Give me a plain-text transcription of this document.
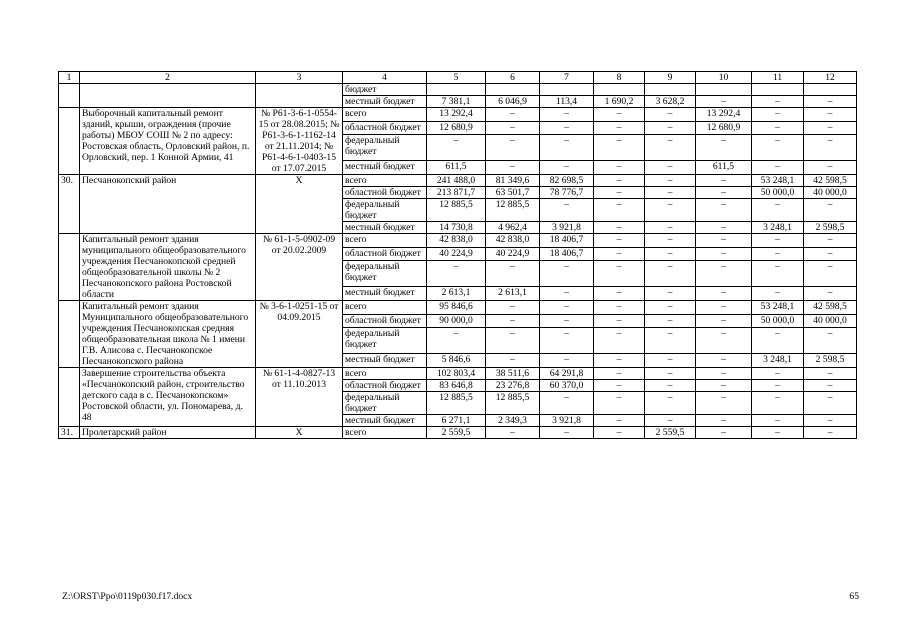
1	2	3	4	5	6	7	8	9	10	11	12
			бюджет								
			местный бюджет	7 381,1	6 046,9	113,4	1 690,2	3 628,2	–	–	–
	Выборочный капитальный ремонт зданий, крыши, ограждения (прочие работы) МБОУ СОШ № 2 по адресу: Ростовская область, Орловский район, п. Орловский, пер. 1 Конной Армии, 41	№ Р61-3-6-1-0554-15 от 28.08.2015; № Р61-3-6-1-1162-14 от 21.11.2014; № Р61-4-6-1-0403-15 от 17.07.2015	всего	13 292,4	–	–	–	–	13 292,4	–	–
			областной бюджет	12 680,9	–	–	–	–	12 680,9	–	–
			федеральный бюджет	–	–	–	–	–	–	–	–
			местный бюджет	611,5	–	–	–	–	611,5	–	–
30.	Песчанокопский район	Х	всего	241 488,0	81 349,6	82 698,5	–	–	–	53 248,1	42 598,5
			областной бюджет	213 871,7	63 501,7	78 776,7	–	–	–	50 000,0	40 000,0
			федеральный бюджет	12 885,5	12 885,5	–	–	–	–	–	–
			местный бюджет	14 730,8	4 962,4	3 921,8	–	–	–	3 248,1	2 598,5
	Капитальный ремонт здания муниципального общеобразовательного учреждения Песчанокопской средней общеобразовательной школы № 2 Песчанокопского района Ростовской области	№ 61-1-5-0902-09 от 20.02.2009	всего	42 838,0	42 838,0	18 406,7	–	–	–	–	–
			областной бюджет	40 224,9	40 224,9	18 406,7	–	–	–	–	–
			федеральный бюджет	–	–	–	–	–	–	–	–
			местный бюджет	2 613,1	2 613,1	–	–	–	–	–	–
	Капитальный ремонт здания Муниципального общеобразовательного учреждения Песчанокопская средняя общеобразовательная школа № 1 имени Г.В. Алисова с. Песчанокопское Песчанокопского района	№ 3-6-1-0251-15 от 04.09.2015	всего	95 846,6	–	–	–	–	–	53 248,1	42 598,5
			областной бюджет	90 000,0	–	–	–	–	–	50 000,0	40 000,0
			федеральный бюджет	–	–	–	–	–	–	–	–
			местный бюджет	5 846,6	–	–	–	–	–	3 248,1	2 598,5
	Завершение строительства объекта «Песчанокопский район, строительство детского сада в с. Песчанокопском» Ростовской области, ул. Пономарева, д. 48	№ 61-1-4-0827-13 от 11.10.2013	всего	102 803,4	38 511,6	64 291,8	–	–	–	–	–
			областной бюджет	83 646,8	23 276,8	60 370,0	–	–	–	–	–
			федеральный бюджет	12 885,5	12 885,5	–	–	–	–	–	–
			местный бюджет	6 271,1	2 349,3	3 921,8	–	–	–	–	–
31.	Пролетарский район	Х	всего	2 559,5	–	–	–	2 559,5	–	–	–
Z:\ORST\Ppo\0119p030.f17.docx	65
